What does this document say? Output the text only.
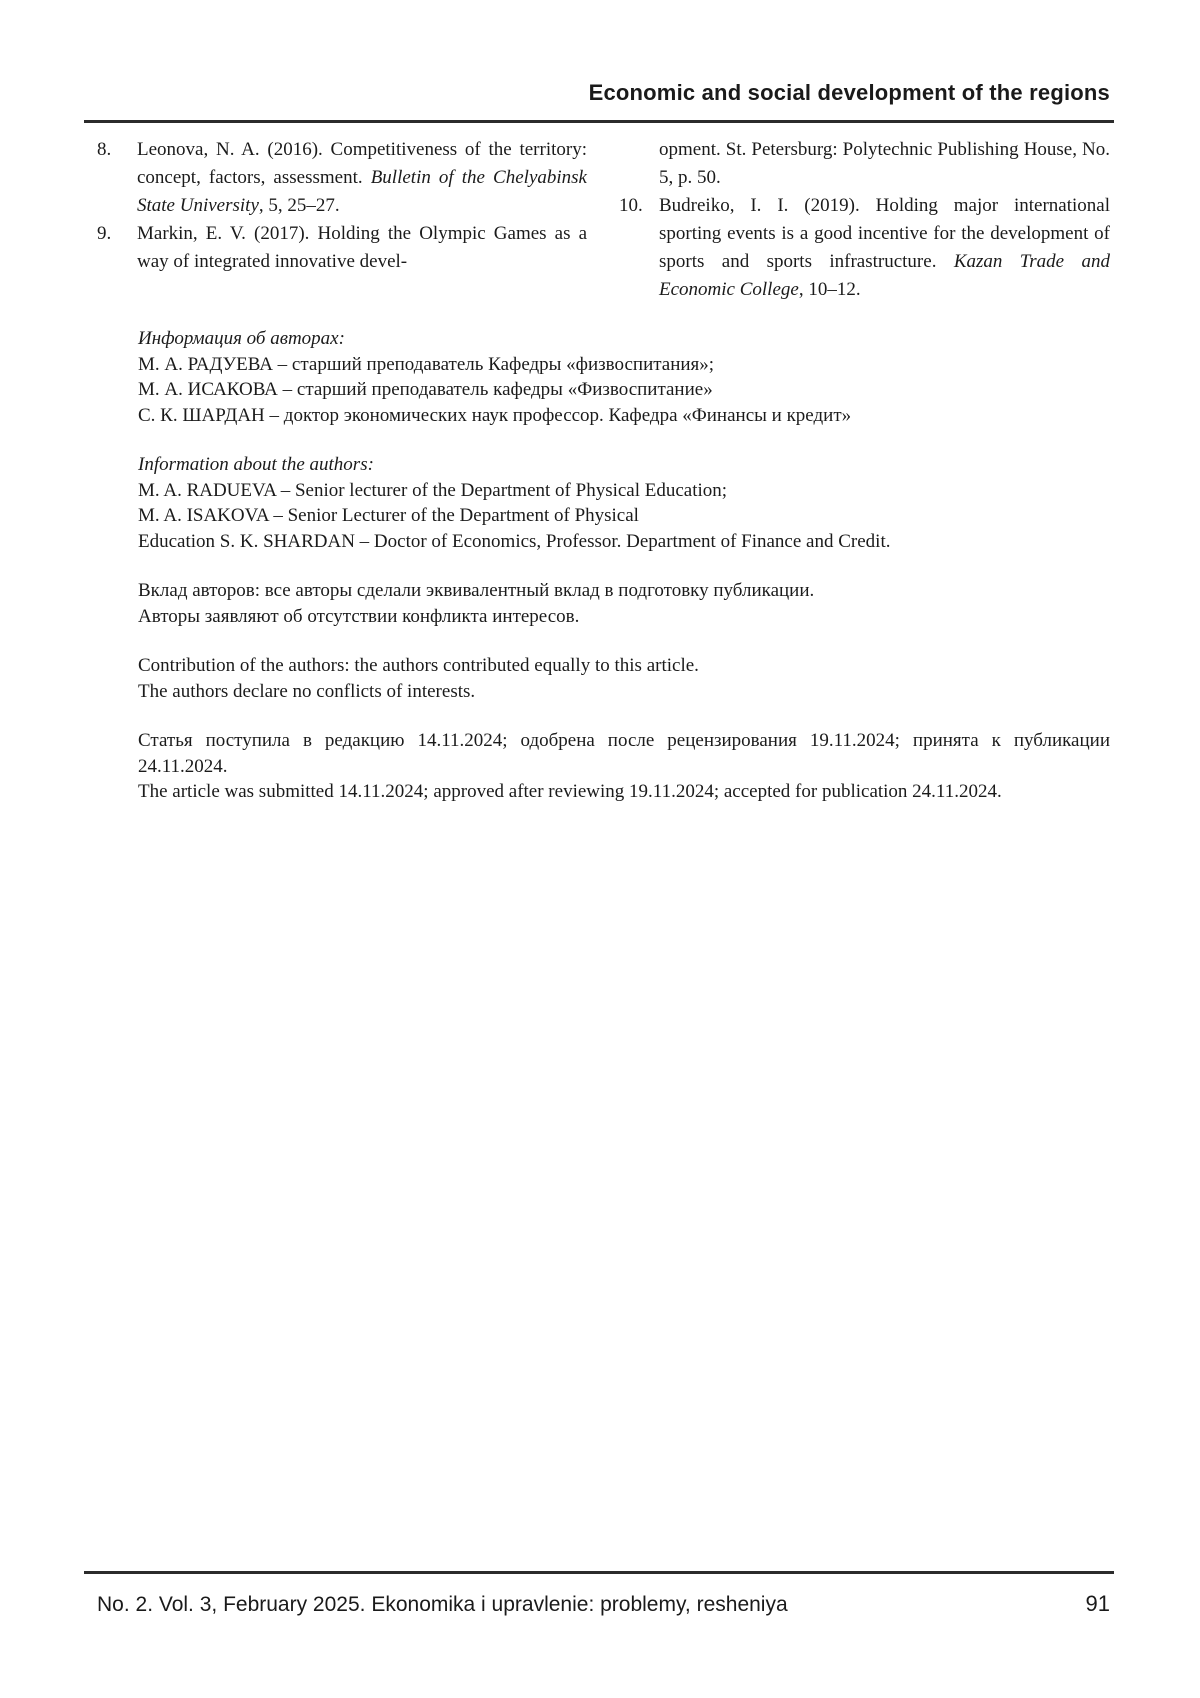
Economic and social development of the regions
8.	Leonova, N. A. (2016). Competitiveness of the territory: concept, factors, assessment. Bulletin of the Chelyabinsk State University, 5, 25–27.
9.	Markin, E. V. (2017). Holding the Olympic Games as a way of integrated innovative devel-
opment. St. Petersburg: Polytechnic Publishing House, No. 5, p. 50.
10. Budreiko, I. I. (2019). Holding major international sporting events is a good incentive for the development of sports and sports infrastructure. Kazan Trade and Economic College, 10–12.

Информация об авторах:

М. А. РАДУЕВА – старший преподаватель Кафедры «физвоспитания»;

М. А. ИСАКОВА – старший преподаватель кафедры «Физвоспитание»

С. К. ШАРДАН – доктор экономических наук профессор. Кафедра «Финансы и кредит»

Information about the authors:

M. A. RADUEVA – Senior lecturer of the Department of Physical Education;

M. A. ISAKOVA – Senior Lecturer of the Department of Physical

Education S. K. SHARDAN – Doctor of Economics, Professor. Department of Finance and Credit.

Вклад авторов: все авторы сделали эквивалентный вклад в подготовку публикации.

Авторы заявляют об отсутствии конфликта интересов.

Contribution of the authors: the authors contributed equally to this article.

The authors declare no conflicts of interests.

Статья поступила в редакцию 14.11.2024; одобрена после рецензирования 19.11.2024; принята к публикации 24.11.2024.

The article was submitted 14.11.2024; approved after reviewing 19.11.2024; accepted for publication 24.11.2024.

No. 2. Vol. 3, February 2025. Ekonomika i upravlenie: problemy, resheniya	91
